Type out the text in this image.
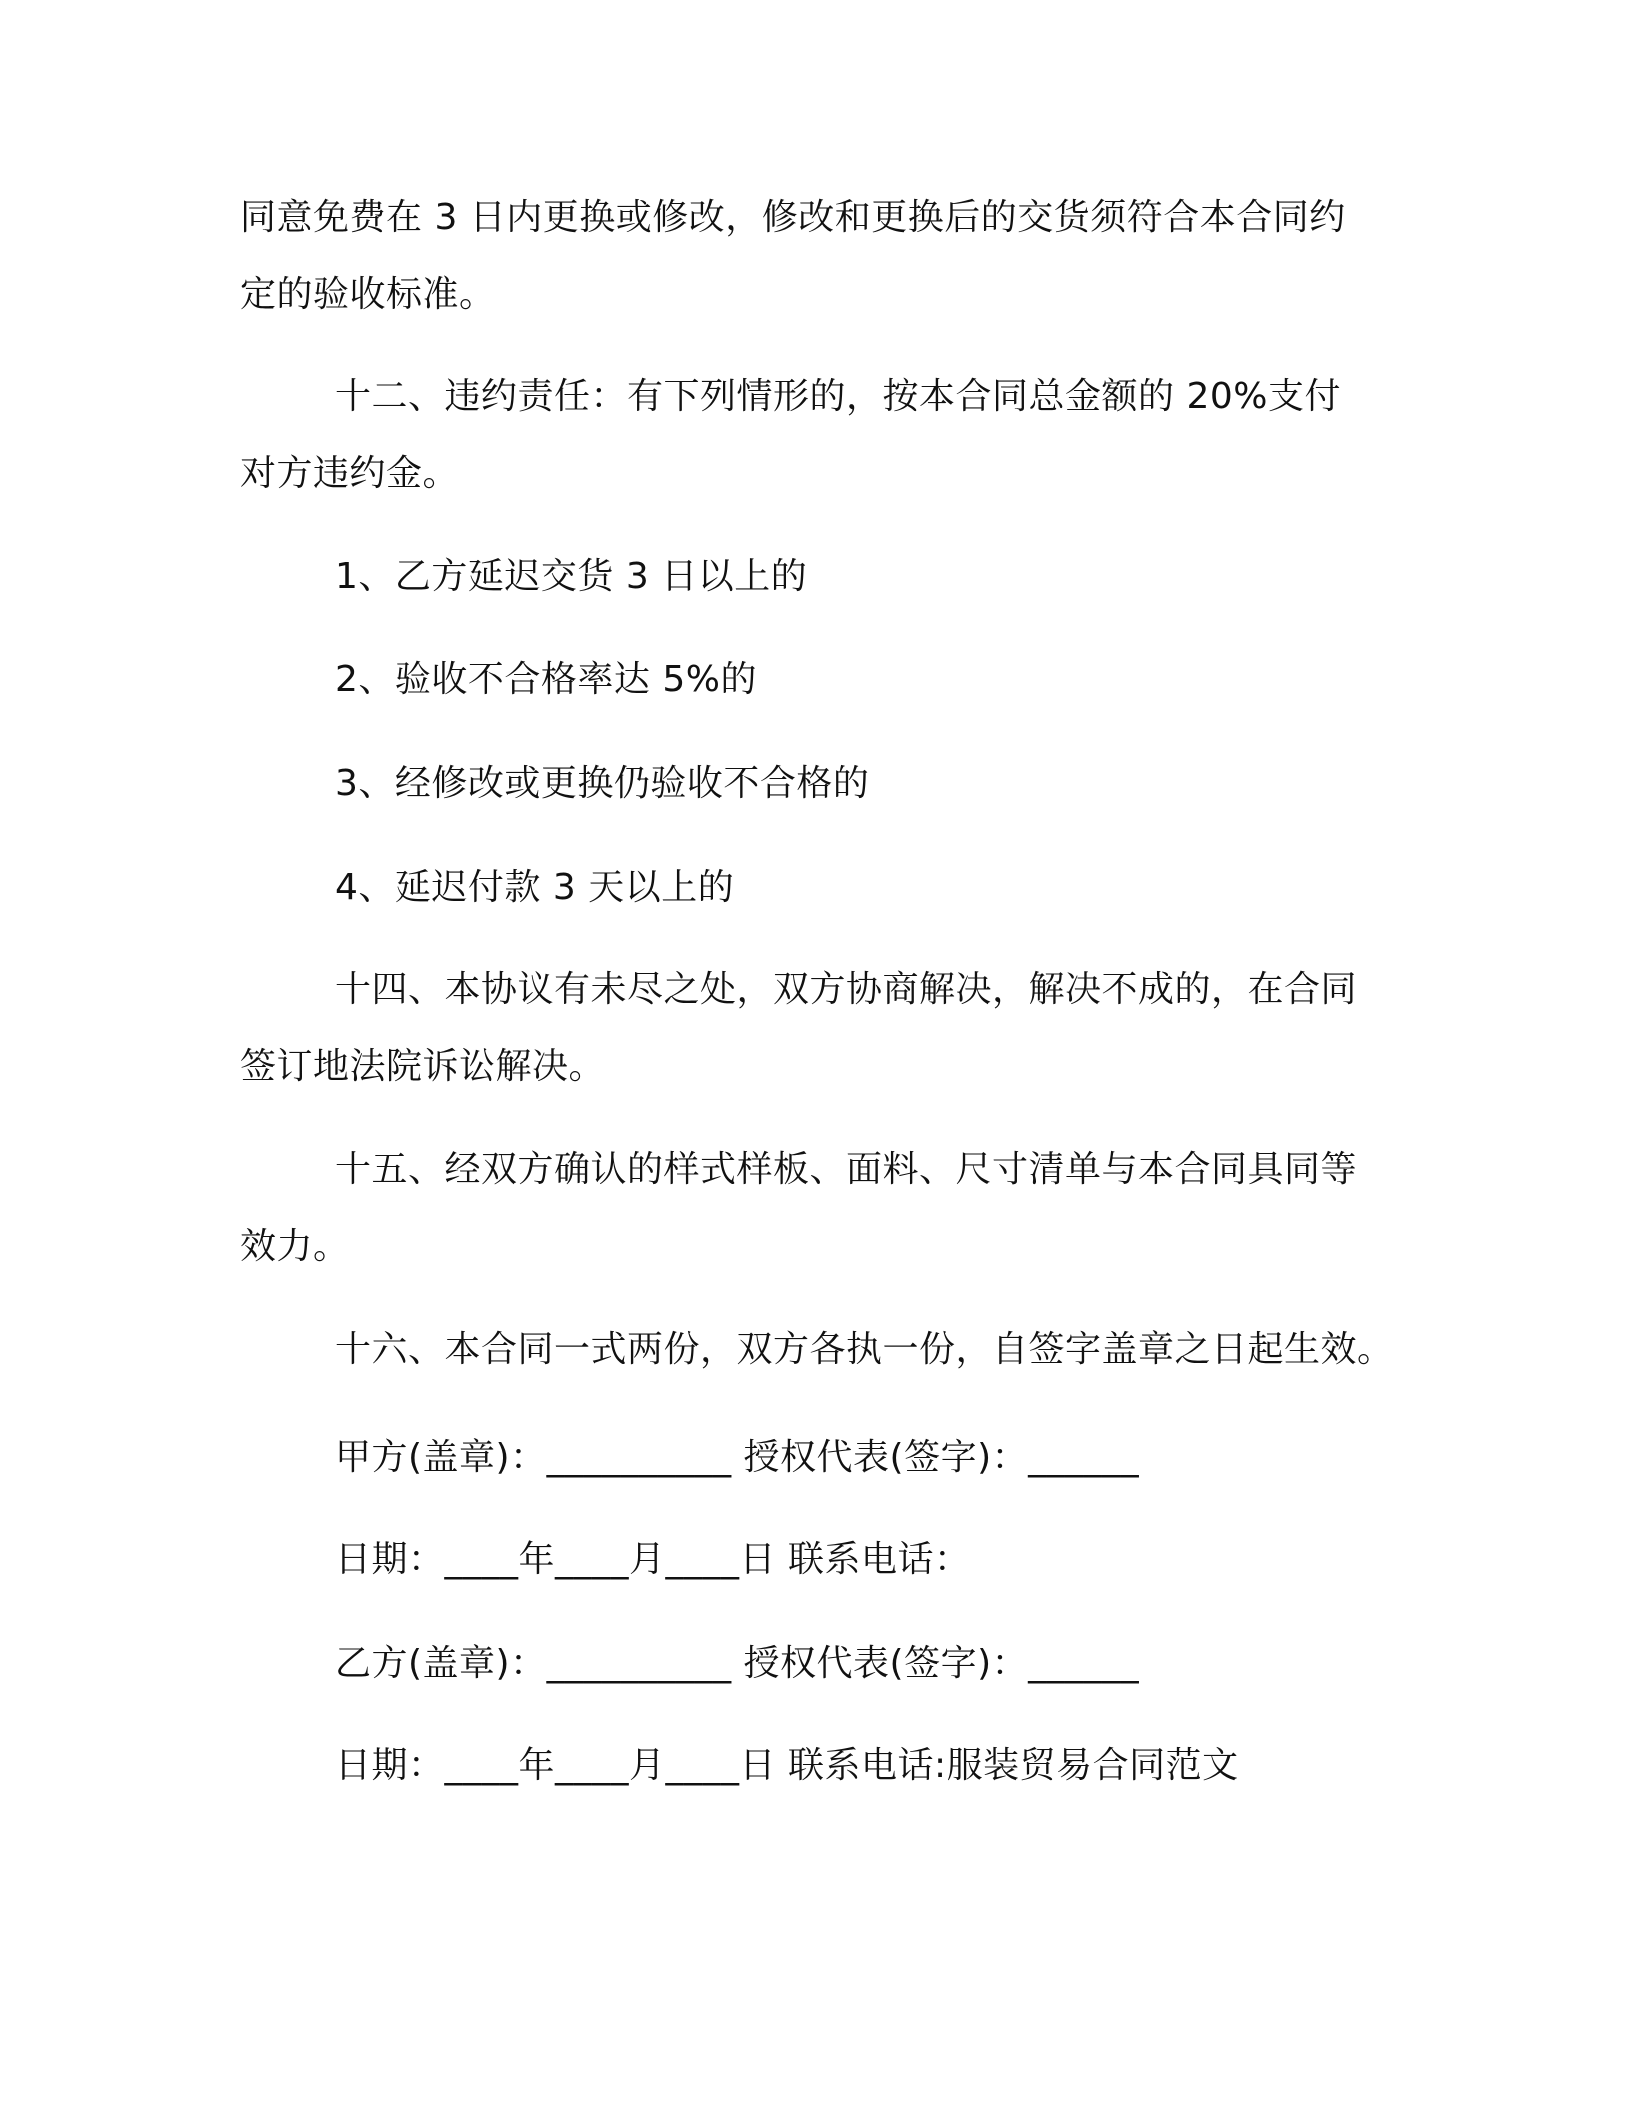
同意免费在 3 日内更换或修改，修改和更换后的交货须符合本合同约
定的验收标准。
十二、违约责任：有下列情形的，按本合同总金额的 20%支付
对方违约金。
1、乙方延迟交货 3 日以上的
2、验收不合格率达 5%的
3、经修改或更换仍验收不合格的
4、延迟付款 3 天以上的
十四、本协议有未尽之处，双方协商解决，解决不成的，在合同
签订地法院诉讼解决。
十五、经双方确认的样式样板、面料、尺寸清单与本合同具同等
效力。
十六、本合同一式两份，双方各执一份，自签字盖章之日起生效。
甲方(盖章)：__________ 授权代表(签字)：______
日期：____年____月____日 联系电话：
乙方(盖章)：__________ 授权代表(签字)：______
日期：____年____月____日 联系电话:服装贸易合同范文
